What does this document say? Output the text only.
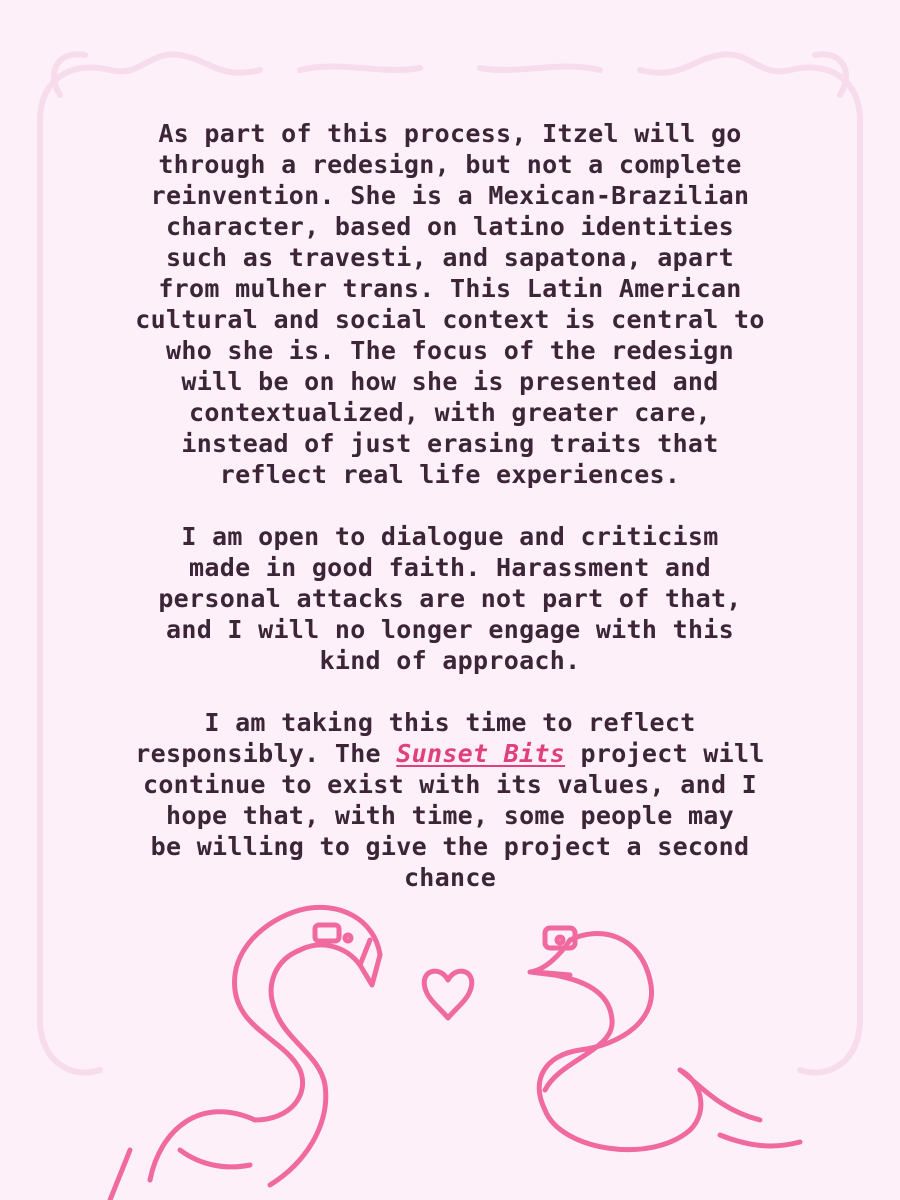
As part of this process, Itzel will go
through a redesign, but not a complete
reinvention. She is a Mexican-Brazilian
character, based on latino identities
such as travesti, and sapatona, apart
from mulher trans. This Latin American
cultural and social context is central to
who she is. The focus of the redesign
will be on how she is presented and
contextualized, with greater care,
instead of just erasing traits that
reflect real life experiences.

I am open to dialogue and criticism
made in good faith. Harassment and
personal attacks are not part of that,
and I will no longer engage with this
kind of approach.

I am taking this time to reflect
responsibly. The Sunset Bits project will
continue to exist with its values, and I
hope that, with time, some people may
be willing to give the project a second
chance
